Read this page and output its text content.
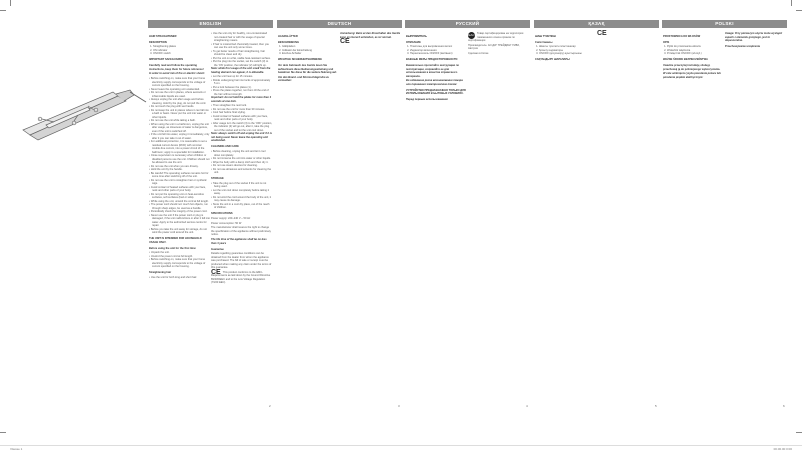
1
2
3
ENGLISH

HAIR STRAIGHTENER

DESCRIPTION

1. Straightening plates
2. ON indicator
3. ON/OFF switch

IMPORTANT SAFEGUARDS

Carefully read and follow the operating instructions, keep them for future reference!

In order to avoid risk of fire or electric shock:

• Before switching on, make sure that your home electricity supply corresponds to the voltage of current specified on the housing.
• Never leave the operating unit unattended.
• Do not use the unit in places, where aerosols or inflammable liquids are used.
• Always unplug the unit after usage and before cleaning. Hold by the plug, do not pull the cord.
• Do not touch the plug with wet hands.
• Do not keep the unit in places where it can fall into a bath or basin. Never put the unit into water or other liquids.
• Do not use the unit while taking a bath.
• When using the unit in a bathroom, unplug the unit after usage, as closeness of water is dangerous, even if the unit is switched off.
• If the unit fell into water, unplug it immediately, only after it you can take it out of water.
• For additional protection, it is reasonable to set a residual current device (RCD) with nominal trouble-free current, into a power circuit of the bathroom; apply to a specialist for installation.
• Close supervision is necessary when children or disabled persons use the unit. Children should not be allowed to use the unit.
• Do not use the unit when you are drowsy.
• Hold the unit by the handle.
• Be careful! The operating surfaces remains hot for some time after switching off of the unit.
• Do not use the unit to straighten hair or synthetic wigs.
• Avoid contact of heated surfaces with your face, neck and other parts of your body.
• Do not put the operating unit on heat-sensitive surfaces, soft surfaces (bed or sofa).
• While using the unit, unwind the cord at full length.
• The power cord should not: touch hot objects, run through sharp edges, be used as a handle.
• Periodically check the integrity of the power cord.
• Never use the unit if the power cord or plug is damaged, if the unit malfunctions or after it fell into water. Apply to the authorized service centre for repair.
• Before you take the unit away for storage, do not wind the power cord around the unit.

THE UNIT IS INTENDED FOR HOUSEHOLD USAGE ONLY.

Before using the unit for the first time:

• Unpack the unit.
• Unwind the power cord at full length.
• Before switching on, make sure that your home electricity supply corresponds to the voltage of current specified on the housing.

Straightening hair

• Use the unit for both long and short hair.
• Use the unit only for healthy, non-contaminated non-treated hair or with the usage of special straightening means.
• If hair is moisturized chemically treated, then you can use the unit only some times.
• To get better results of hair straightening, hair should be clean and dry.
• Put the unit on a flat, stable heat-resistant surface.
• Put the plug into the socket, set the switch (3) to the 'ON' position, the indicator (2) will light up.

Note: while first usage of the unit smell from the heating element can appear, it is allowable.

• Let the unit heat up for 15 minutes.
• Divide undergoing hair into locks of approximately 5 cm.
• Put a lock between the plates (1).
• Press the plates together, run them till the end of the hair without strength.

Important: do not hold the plates for more than 3 seconds at one lock.

• Then straighten the next lock.
• Do not use the unit for more than 30 minutes.
• Cool hair before final styling.
• Avoid contact of heated surfaces with your face, neck and other parts of your body.
• After usage turn the switch (3) to the 'OFF' position, the indicator (2) will go out, after it, take the plug out of the socket and let the unit cool down.

Note: always switch off and unplug the unit if it is not being used. Never leave the operating unit unattended.

CLEANING AND CARE

• Before cleaning, unplug the unit and let it cool down completely.
• Do not immerse the unit into water or other liquids.
• Wipe the body with a damp cloth and then dry it.
• Do not use steam devices for cleaning.
• Do not use abrasives and solvents for cleaning the unit.

STORAGE

• Take the plug out of the socket if the unit is not being used.
• Let the unit cool down completely before taking it away.
• Do not wind the cord around the body of the unit, it may cause its damage.
• Store the unit in a cool dry place, out of the reach of children.

SPECIFICATIONS

Power supply: 220–240 V ~ 50 Hz

Power consumption: 50 W

The manufacturer shall reserve the right to change the specification of the appliance without preliminary notice.

The life time of the appliance shall be no less than 3 years

Guarantee

Details regarding guarantee conditions can be obtained from the dealer from whom the appliance was purchased. The bill of sale or receipt must be produced when making any claim under the terms of this guarantee.

CE This product conforms to the EMC-Requirements as laid down by the Council Directive 89/336/EEC and to the Low Voltage Regulation (73/23 EEC).

2
DEUTSCH

HAARGLÄTTER

BESCHREIBUNG

1. Glättplatten
2. Indikator der Einschaltung
3. Ein/Aus-Schalter

WICHTIGE SICHERHEITSHINWEISE

Vor dem Gebrauch des Geräts lesen Sie aufmerksam diese Bedienungsanleitung und bewahren Sie diese für die weitere Nutzung auf.

Um den Brand- und Stromschlagrisiko zu vermeiden:

Anmerkung: Beim ersten Einschalten des Geräts kann ein Geruch entstehen, es ist normal.

CE

3
РУССКИЙ

ВЫПРЯМИТЕЛЬ

ОПИСАНИЕ

1. Пластины для выпрямления волос
2. Индикатор включения
3. Переключатель ON/OFF (вкл/выкл)

ВАЖНЫЕ МЕРЫ ПРЕДОСТОРОЖНОСТИ

Внимательно прочитайте инструкцию по эксплуатации, сохраняйте ее для использования в качестве справочного материала.

Во избежание риска возникновения пожара или поражения электрическим током:

УСТРОЙСТВО ПРЕДНАЗНАЧЕНО ТОЛЬКО ДЛЯ ИСПОЛЬЗОВАНИЯ В БЫТОВЫХ УСЛОВИЯХ.

Перед первым использованием:

EAC Товар сертифицирован на территории таможенного союза органом по сертификации

Производитель: АО ДКГ ТРЕЙДИНГ ГМБХ, Австрия

Сделано в Китае

4
ҚАЗАҚ

ШАШ ТҮЗЕТКІШ

Сипаттамасы

1. Шашты түзететін пластиналар
2. Қосылу индикаторы
3. ON/OFF (қосу/өшіру) ауыстырғышы

САҚТАНДЫРУ ШАРАЛАРЫ

CE

5
POLSKI

PROSTOWNICA DO WŁOSÓW

OPIS

1. Płytki do prostowania włosów
2. Wskaźnik włączenia
3. Przełącznik ON/OFF (wł./wył.)

WAŻNE ŚRODKI BEZPIECZEŃSTWA

Uważnie przeczytaj instrukcję obsługi, przechowuj ją do późniejszego wykorzystania.

W celu uniknięcia ryzyka powstania pożaru lub porażenia prądem elektrycznym:

Uwaga: Przy pierwszym użyciu może wystąpić zapach z elementu grzejnego, jest to dopuszczalne.

Przechowywanie urządzenia

6
Vitesse 1	00.00.00 0:00
